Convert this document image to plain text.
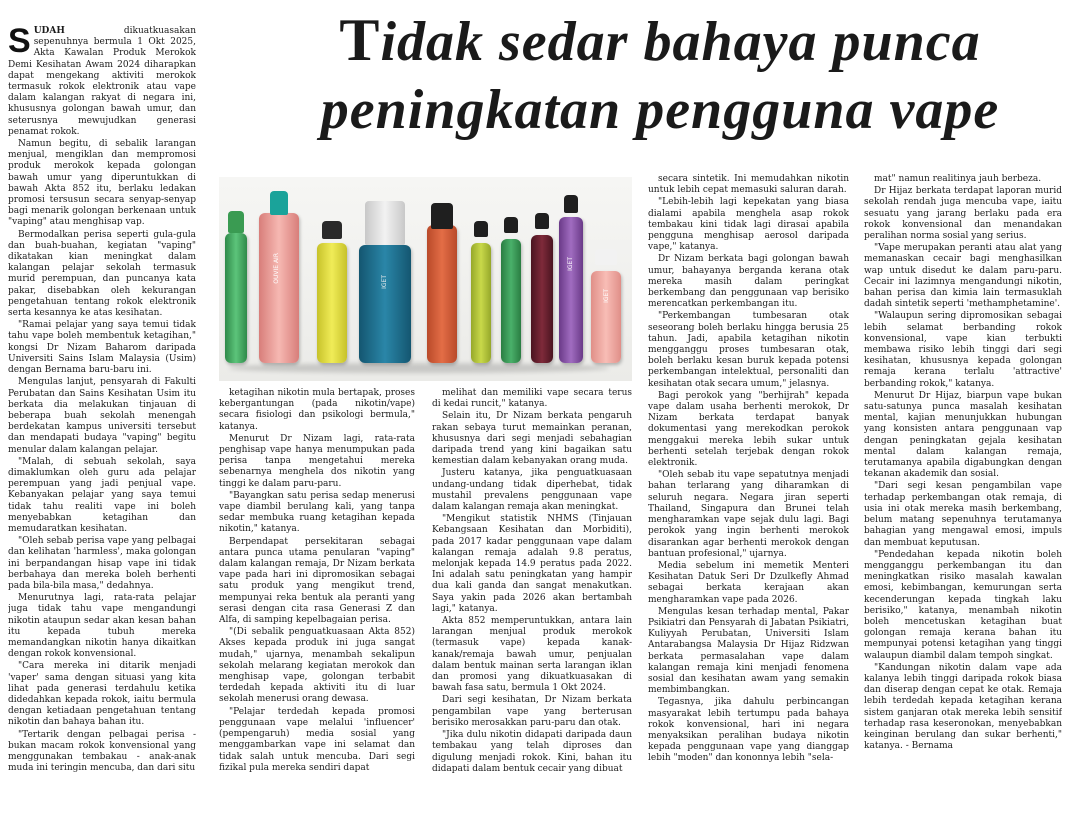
Tidak sedar bahaya punca
peningkatan pengguna vape

SUDAH dikuatkuasakan sepenuhnya bermula 1 Okt 2025, Akta Kawalan Produk Merokok Demi Kesihatan Awam 2024 diharapkan dapat mengekang aktiviti merokok termasuk rokok elektronik atau vape dalam kalangan rakyat di negara ini, khususnya golongan bawah umur, dan seterusnya mewujudkan generasi penamat rokok.

Namun begitu, di sebalik larangan menjual, mengiklan dan mempromosi produk merokok kepada golongan bawah umur yang diperuntukkan di bawah Akta 852 itu, berlaku ledakan promosi tersusun secara senyap-senyap bagi menarik golongan berkenaan untuk "vaping" atau menghisap vap.

Bermodalkan perisa seperti gula-gula dan buah-buahan, kegiatan "vaping" dikatakan kian meningkat dalam kalangan pelajar sekolah termasuk murid perempuan, dan puncanya kata pakar, disebabkan oleh kekurangan pengetahuan tentang rokok elektronik serta kesannya ke atas kesihatan.

"Ramai pelajar yang saya temui tidak tahu vape boleh membentuk ketagihan," kongsi Dr Nizam Baharom daripada Universiti Sains Islam Malaysia (Usim) dengan Bernama baru-baru ini.

Mengulas lanjut, pensyarah di Fakulti Perubatan dan Sains Kesihatan Usim itu berkata dia melakukan tinjauan di beberapa buah sekolah menengah berdekatan kampus universiti tersebut dan mendapati budaya "vaping" begitu menular dalam kalangan pelajar.

"Malah, di sebuah sekolah, saya dimaklumkan oleh guru ada pelajar perempuan yang jadi penjual vape. Kebanyakan pelajar yang saya temui tidak tahu realiti vape ini boleh menyebabkan ketagihan dan memudaratkan kesihatan.

"Oleh sebab perisa vape yang pelbagai dan kelihatan 'harmless', maka golongan ini berpandangan hisap vape ini tidak berbahaya dan mereka boleh berhenti pada bila-bila masa," dedahnya.

Menurutnya lagi, rata-rata pelajar juga tidak tahu vape mengandungi nikotin ataupun sedar akan kesan bahan itu kepada tubuh mereka memandangkan nikotin hanya dikaitkan dengan rokok konvensional.

"Cara mereka ini ditarik menjadi 'vaper' sama dengan situasi yang kita lihat pada generasi terdahulu ketika didedahkan kepada rokok, iaitu bermula dengan ketiadaan pengetahuan tentang nikotin dan bahaya bahan itu.

"Tertarik dengan pelbagai perisa - bukan macam rokok konvensional yang menggunakan tembakau - anak-anak muda ini teringin mencuba, dan dari situ

OUVIE AIR	IGET
IGET
IGET

ketagihan nikotin mula bertapak, proses kebergantungan (pada nikotin/vape) secara fisiologi dan psikologi bermula," katanya.

Menurut Dr Nizam lagi, rata-rata penghisap vape hanya menumpukan pada perisa tanpa mengetahui mereka sebenarnya menghela dos nikotin yang tinggi ke dalam paru-paru.

"Bayangkan satu perisa sedap menerusi vape diambil berulang kali, yang tanpa sedar membuka ruang ketagihan kepada nikotin," katanya.

Berpendapat persekitaran sebagai antara punca utama penularan "vaping" dalam kalangan remaja, Dr Nizam berkata vape pada hari ini dipromosikan sebagai satu produk yang mengikut trend, mempunyai reka bentuk ala peranti yang serasi dengan cita rasa Generasi Z dan Alfa, di samping kepelbagaian perisa.

"(Di sebalik penguatkuasaan Akta 852) Akses kepada produk ini juga sangat mudah," ujarnya, menambah sekalipun sekolah melarang kegiatan merokok dan menghisap vape, golongan terbabit terdedah kepada aktiviti itu di luar sekolah menerusi orang dewasa.

"Pelajar terdedah kepada promosi penggunaan vape melalui 'influencer' (pempengaruh) media sosial yang menggambarkan vape ini selamat dan tidak salah untuk mencuba. Dari segi fizikal pula mereka sendiri dapat

melihat dan memiliki vape secara terus di kedai runcit," katanya.

Selain itu, Dr Nizam berkata pengaruh rakan sebaya turut memainkan peranan, khususnya dari segi menjadi sebahagian daripada trend yang kini bagaikan satu kemestian dalam kebanyakan orang muda.

Justeru katanya, jika penguatkuasaan undang-undang tidak diperhebat, tidak mustahil prevalens penggunaan vape dalam kalangan remaja akan meningkat.

"Mengikut statistik NHMS (Tinjauan Kebangsaan Kesihatan dan Morbiditi), pada 2017 kadar penggunaan vape dalam kalangan remaja adalah 9.8 peratus, melonjak kepada 14.9 peratus pada 2022. Ini adalah satu peningkatan yang hampir dua kali ganda dan sangat menakutkan. Saya yakin pada 2026 akan bertambah lagi," katanya.

Akta 852 memperuntukkan, antara lain larangan menjual produk merokok (termasuk vape) kepada kanak-kanak/remaja bawah umur, penjualan dalam bentuk mainan serta larangan iklan dan promosi yang dikuatkuasakan di bawah fasa satu, bermula 1 Okt 2024.

Dari segi kesihatan, Dr Nizam berkata pengambilan vape yang berterusan berisiko merosakkan paru-paru dan otak.

"Jika dulu nikotin didapati daripada daun tembakau yang telah diproses dan digulung menjadi rokok. Kini, bahan itu didapati dalam bentuk cecair yang dibuat

secara sintetik. Ini memudahkan nikotin untuk lebih cepat memasuki saluran darah.

"Lebih-lebih lagi kepekatan yang biasa dialami apabila menghela asap rokok tembakau kini tidak lagi dirasai apabila pengguna menghisap aerosol daripada vape," katanya.

Dr Nizam berkata bagi golongan bawah umur, bahayanya berganda kerana otak mereka masih dalam peringkat berkembang dan penggunaan vap berisiko merencatkan perkembangan itu.

"Perkembangan tumbesaran otak seseorang boleh berlaku hingga berusia 25 tahun. Jadi, apabila ketagihan nikotin mengganggu proses tumbesaran otak, boleh berlaku kesan buruk kepada potensi perkembangan intelektual, personaliti dan kesihatan otak secara umum," jelasnya.

Bagi perokok yang "berhijrah" kepada vape dalam usaha berhenti merokok, Dr Nizam berkata terdapat banyak dokumentasi yang merekodkan perokok menggakui mereka lebih sukar untuk berhenti setelah terjebak dengan rokok elektronik.

"Oleh sebab itu vape sepatutnya menjadi bahan terlarang yang diharamkan di seluruh negara. Negara jiran seperti Thailand, Singapura dan Brunei telah mengharamkan vape sejak dulu lagi. Bagi perokok yang ingin berhenti merokok disarankan agar berhenti merokok dengan bantuan profesional," ujarnya.

Media sebelum ini memetik Menteri Kesihatan Datuk Seri Dr Dzulkefly Ahmad sebagai berkata kerajaan akan mengharamkan vape pada 2026.

Mengulas kesan terhadap mental, Pakar Psikiatri dan Pensyarah di Jabatan Psikiatri, Kuliyyah Perubatan, Universiti Islam Antarabangsa Malaysia Dr Hijaz Ridzwan berkata permasalahan vape dalam kalangan remaja kini menjadi fenomena sosial dan kesihatan awam yang semakin membimbangkan.

Tegasnya, jika dahulu perbincangan masyarakat lebih tertumpu pada bahaya rokok konvensional, hari ini negara menyaksikan peralihan budaya nikotin kepada penggunaan vape yang dianggap lebih "moden" dan kononnya lebih "sela-

mat" namun realitinya jauh berbeza.

Dr Hijaz berkata terdapat laporan murid sekolah rendah juga mencuba vape, iaitu sesuatu yang jarang berlaku pada era rokok konvensional dan menandakan peralihan norma sosial yang serius.

"Vape merupakan peranti atau alat yang memanaskan cecair bagi menghasilkan wap untuk disedut ke dalam paru-paru. Cecair ini lazimnya mengandungi nikotin, bahan perisa dan kimia lain termasuklah dadah sintetik seperti 'methamphetamine'.

"Walaupun sering dipromosikan sebagai lebih selamat berbanding rokok konvensional, vape kian terbukti membawa risiko lebih tinggi dari segi kesihatan, khususnya kepada golongan remaja kerana terlalu 'attractive' berbanding rokok," katanya.

Menurut Dr Hijaz, biarpun vape bukan satu-satunya punca masalah kesihatan mental, kajian menunjukkan hubungan yang konsisten antara penggunaan vap dengan peningkatan gejala kesihatan mental dalam kalangan remaja, terutamanya apabila digabungkan dengan tekanan akademik dan sosial.

"Dari segi kesan pengambilan vape terhadap perkembangan otak remaja, di usia ini otak mereka masih berkembang, belum matang sepenuhnya terutamanya bahagian yang mengawal emosi, impuls dan membuat keputusan.

"Pendedahan kepada nikotin boleh mengganggu perkembangan itu dan meningkatkan risiko masalah kawalan emosi, kebimbangan, kemurungan serta kecenderungan kepada tingkah laku berisiko," katanya, menambah nikotin boleh mencetuskan ketagihan buat golongan remaja kerana bahan itu mempunyai potensi ketagihan yang tinggi walaupun diambil dalam tempoh singkat.

"Kandungan nikotin dalam vape ada kalanya lebih tinggi daripada rokok biasa dan diserap dengan cepat ke otak. Remaja lebih terdedah kepada ketagihan kerana sistem ganjaran otak mereka lebih sensitif terhadap rasa keseronokan, menyebabkan keinginan berulang dan sukar berhenti," katanya. - Bernama
